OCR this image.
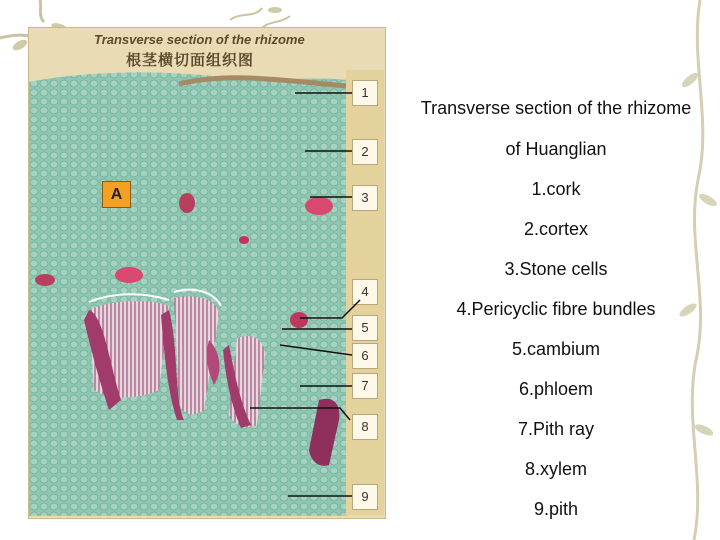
Transverse section of the rhizome
根茎横切面组织图
1
2
3
4
5
6
7
8
9
A
Transverse section of the rhizome
of Huanglian
1.cork
2.cortex
3.Stone cells
4.Pericyclic fibre bundles
5.cambium
6.phloem
7.Pith ray
8.xylem
9.pith
